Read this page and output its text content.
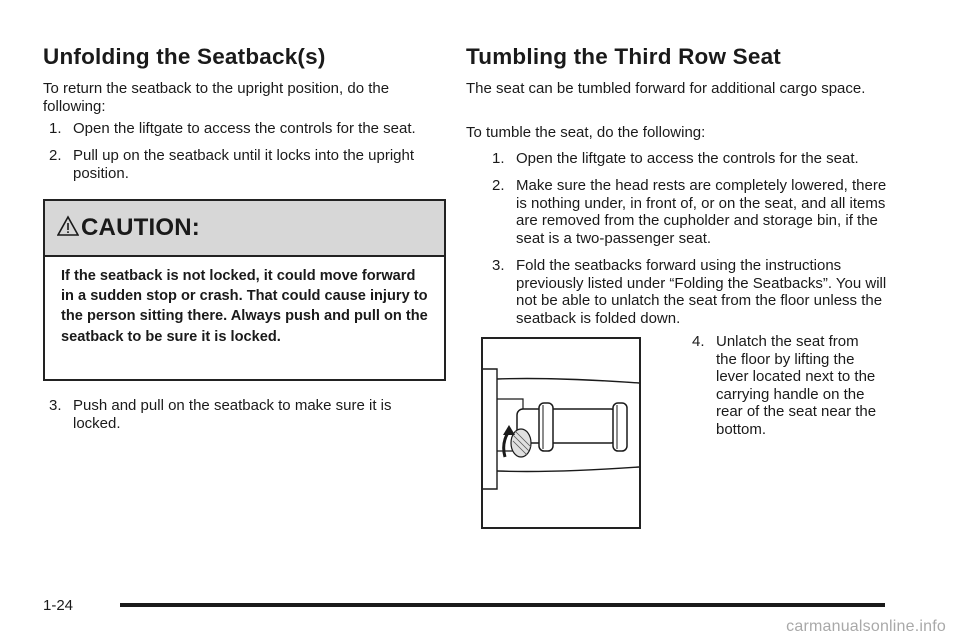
Unfolding the Seatback(s)

To return the seatback to the upright position, do the following:

1. Open the liftgate to access the controls for the seat.
2. Pull up on the seatback until it locks into the upright position.
CAUTION:
If the seatback is not locked, it could move forward in a sudden stop or crash. That could cause injury to the person sitting there. Always push and pull on the seatback to be sure it is locked.
3. Push and pull on the seatback to make sure it is locked.
Tumbling the Third Row Seat

The seat can be tumbled forward for additional cargo space.

To tumble the seat, do the following:

1. Open the liftgate to access the controls for the seat.
2. Make sure the head rests are completely lowered, there is nothing under, in front of, or on the seat, and all items are removed from the cupholder and storage bin, if the seat is a two-passenger seat.
3. Fold the seatbacks forward using the instructions previously listed under “Folding the Seatbacks”. You will not be able to unlatch the seat from the floor unless the seatback is folded down.
4. Unlatch the seat from the floor by lifting the lever located next to the carrying handle on the rear of the seat near the bottom.
1-24
carmanualsonline.info
